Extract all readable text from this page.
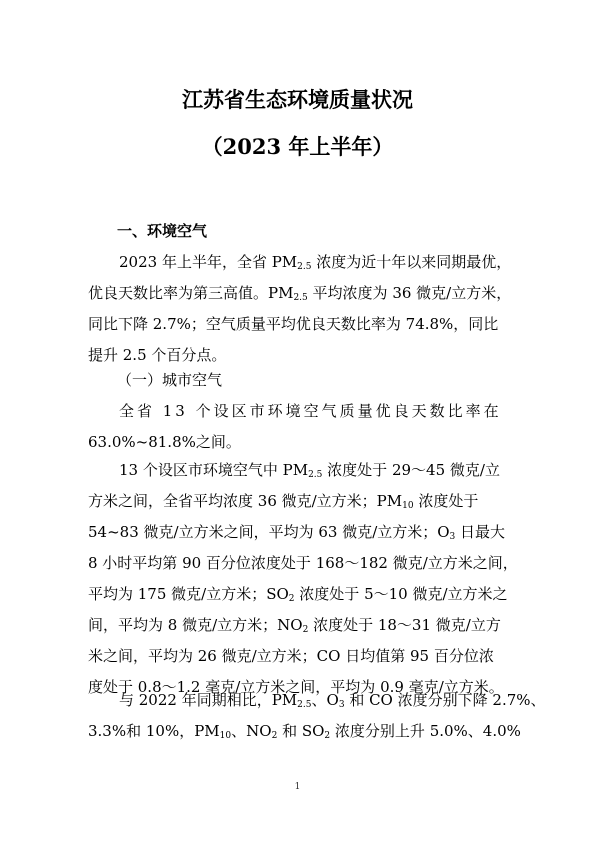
江苏省生态环境质量状况
（2023 年上半年）
一、环境空气
2023 年上半年，全省 $PM_{2.5}$ 浓度为近十年以来同期最优，
优良天数比率为第三高值。$PM_{2.5}$ 平均浓度为 36 微克/立方米，
同比下降 2.7%；空气质量平均优良天数比率为 74.8%，同比
提升 2.5 个百分点。
（一）城市空气
全省 13 个设区市环境空气质量优良天数比率在
63.0%~81.8%之间。
13 个设区市环境空气中 $PM_{2.5}$ 浓度处于 29～45 微克/立
方米之间，全省平均浓度 36 微克/立方米；$PM_{10}$ 浓度处于
54~83 微克/立方米之间，平均为 63 微克/立方米；$O_3$ 日最大
8 小时平均第 90 百分位浓度处于 168～182 微克/立方米之间，
平均为 175 微克/立方米；$SO_2$ 浓度处于 5～10 微克/立方米之
间，平均为 8 微克/立方米；$NO_2$ 浓度处于 18～31 微克/立方
米之间，平均为 26 微克/立方米；CO 日均值第 95 百分位浓
度处于 0.8～1.2 毫克/立方米之间，平均为 0.9 毫克/立方米。
与 2022 年同期相比，$PM_{2.5}$、$O_3$ 和 CO 浓度分别下降 2.7%、
3.3%和 10%，$PM_{10}$、$NO_2$ 和 $SO_2$ 浓度分别上升 5.0%、4.0%
1
